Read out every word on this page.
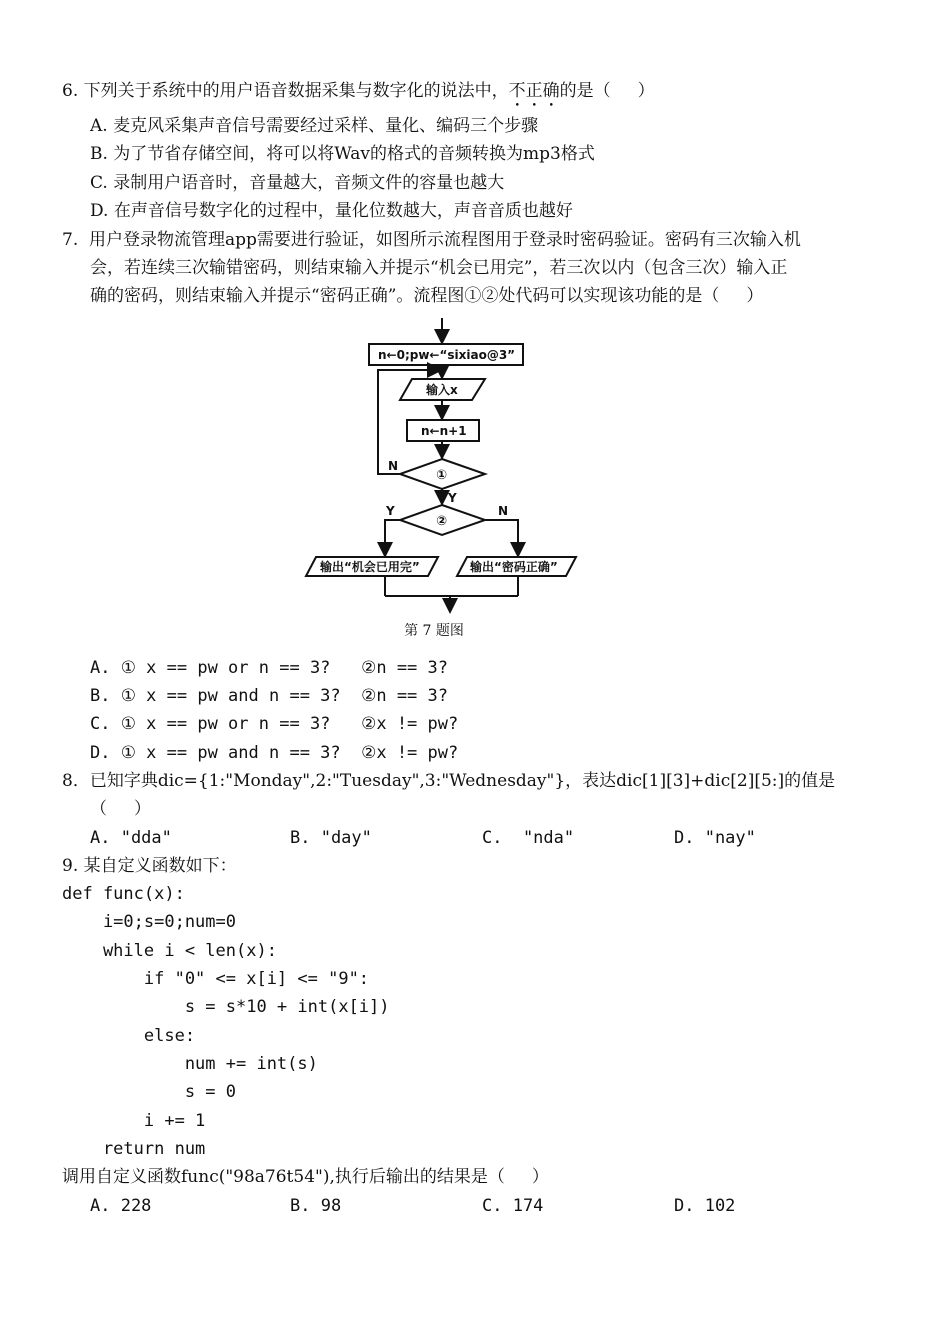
6. 下列关于系统中的用户语音数据采集与数字化的说法中，不正确的是（     ）
A. 麦克风采集声音信号需要经过采样、量化、编码三个步骤
B. 为了节省存储空间，将可以将Wav的格式的音频转换为mp3格式
C. 录制用户语音时，音量越大，音频文件的容量也越大
D. 在声音信号数字化的过程中，量化位数越大，声音音质也越好
7.  用户登录物流管理app需要进行验证，如图所示流程图用于登录时密码验证。密码有三次输入机
会，若连续三次输错密码，则结束输入并提示“机会已用完”，若三次以内（包含三次）输入正
确的密码，则结束输入并提示“密码正确”。流程图①②处代码可以实现该功能的是（     ）
n←0;pw←“sixiao@3”
输入x
n←n+1
①
②
N
Y
Y	N
输出“机会已用完”	输出“密码正确”
第 7 题图
A. ① x == pw or n == 3?   ②n == 3?
B. ① x == pw and n == 3?  ②n == 3?
C. ① x == pw or n == 3?   ②x != pw?
D. ① x == pw and n == 3?  ②x != pw?
8．已知字典dic={1:"Monday",2:"Tuesday",3:"Wednesday"}，表达dic[1][3]+dic[2][5:]的值是
（     ）
A. "dda"	B. "day"	C.  "nda"	D. "nay"
9. 某自定义函数如下：
def func(x):
i=0;s=0;num=0
while i < len(x):
if "0" <= x[i] <= "9":
s = s*10 + int(x[i])
else:
num += int(s)
s = 0
i += 1
return num
调用自定义函数func("98a76t54"),执行后输出的结果是（     ）
A. 228	B. 98	C. 174	D. 102
